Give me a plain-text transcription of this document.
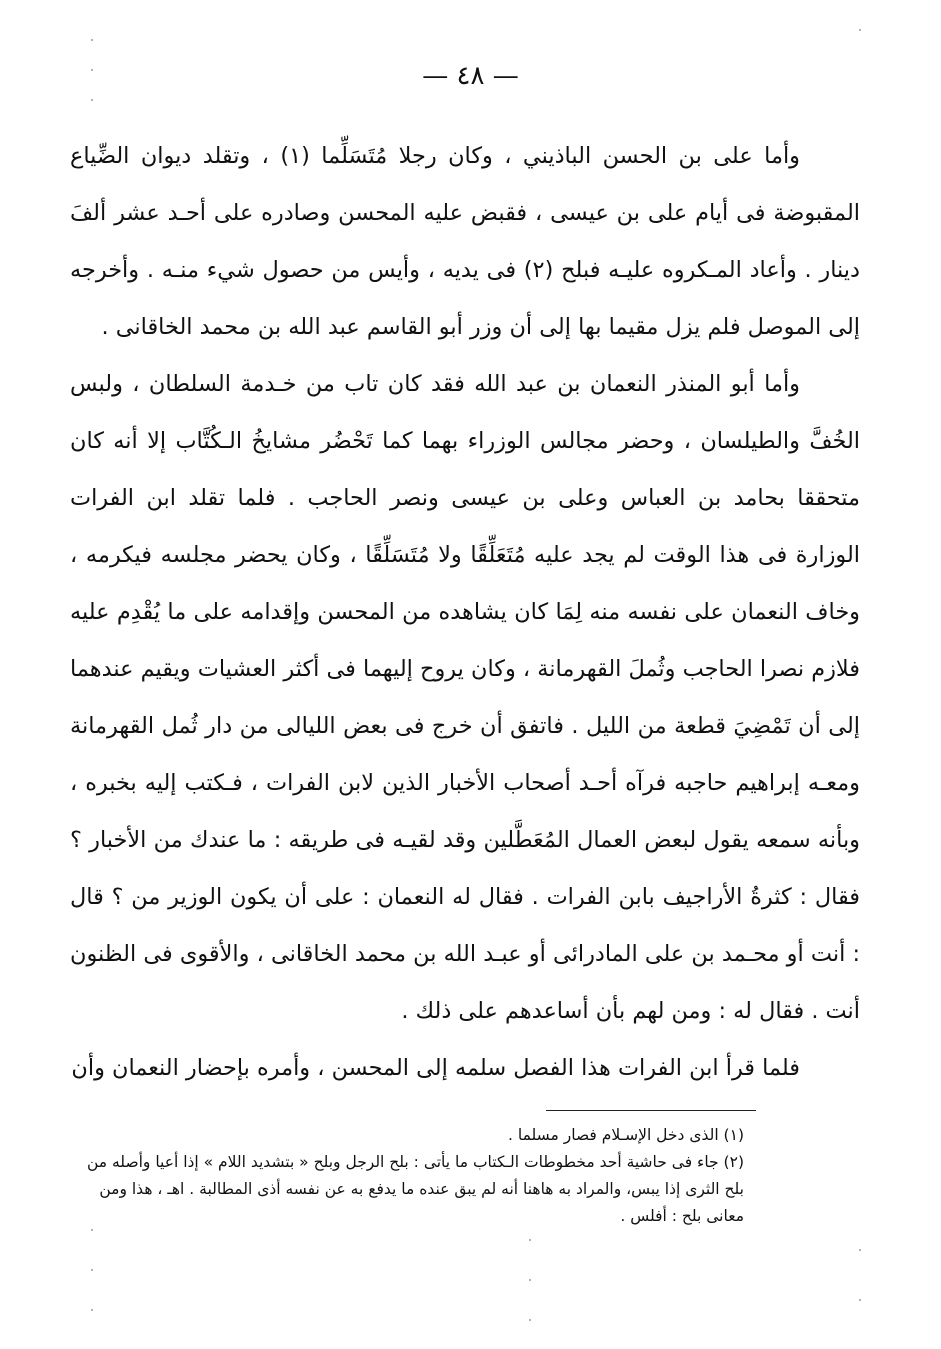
— ٤٨ —

وأما على بن الحسن الباذيني ، وكان رجلا مُتَسَلِّما (١) ، وتقلد ديوان الضِّياع المقبوضة فى أيام على بن عيسى ، فقبض عليه المحسن وصادره على أحـد عشر ألفَ دينار . وأعاد المـكروه عليـه فبلح (٢) فى يديه ، وأيس من حصول شيء منـه . وأخرجه إلى الموصل فلم يزل مقيما بها إلى أن وزر أبو القاسم عبد الله بن محمد الخاقانى .

وأما أبو المنذر النعمان بن عبد الله فقد كان تاب من خـدمة السلطان ، ولبس الخُفَّ والطيلسان ، وحضر مجالس الوزراء بهما كما تَحْضُر مشايخُ الـكُتَّاب إلا أنه كان متحققا بحامد بن العباس وعلى بن عيسى ونصر الحاجب . فلما تقلد ابن الفرات الوزارة فى هذا الوقت لم يجد عليه مُتَعَلِّقًا ولا مُتَسَلِّقًا ، وكان يحضر مجلسه فيكرمه ، وخاف النعمان على نفسه منه لِمَا كان يشاهده من المحسن وإقدامه على ما يُقْدِم عليه فلازم نصرا الحاجب وثُملَ القهرمانة ، وكان يروح إليهما فى أكثر العشيات ويقيم عندهما إلى أن تَمْضِيَ قطعة من الليل . فاتفق أن خرج فى بعض الليالى من دار ثُمل القهرمانة ومعـه إبراهيم حاجبه فرآه أحـد أصحاب الأخبار الذين لابن الفرات ، فـكتب إليه بخبره ، وبأنه سمعه يقول لبعض العمال المُعَطَّلين وقد لقيـه فى طريقه : ما عندك من الأخبار ؟ فقال : كثرةُ الأراجيف بابن الفرات . فقال له النعمان : على أن يكون الوزير من ؟ قال : أنت أو محـمد بن على المادرائى أو عبـد الله بن محمد الخاقانى ، والأقوى فى الظنون أنت . فقال له : ومن لهم بأن أساعدهم على ذلك .

فلما قرأ ابن الفرات هذا الفصل سلمه إلى المحسن ، وأمره بإحضار النعمان وأن

(١) الذى دخل الإسـلام فصار مسلما .

(٢) جاء فى حاشية أحد مخطوطات الـكتاب ما يأتى : بلح الرجل وبلح « بتشديد اللام » إذا أعيا وأصله من بلح الثرى إذا يبس، والمراد به هاهنا أنه لم يبق عنده ما يدفع به عن نفسه أذى المطالبة . اهـ ، هذا ومن معانى بلح : أفلس .
